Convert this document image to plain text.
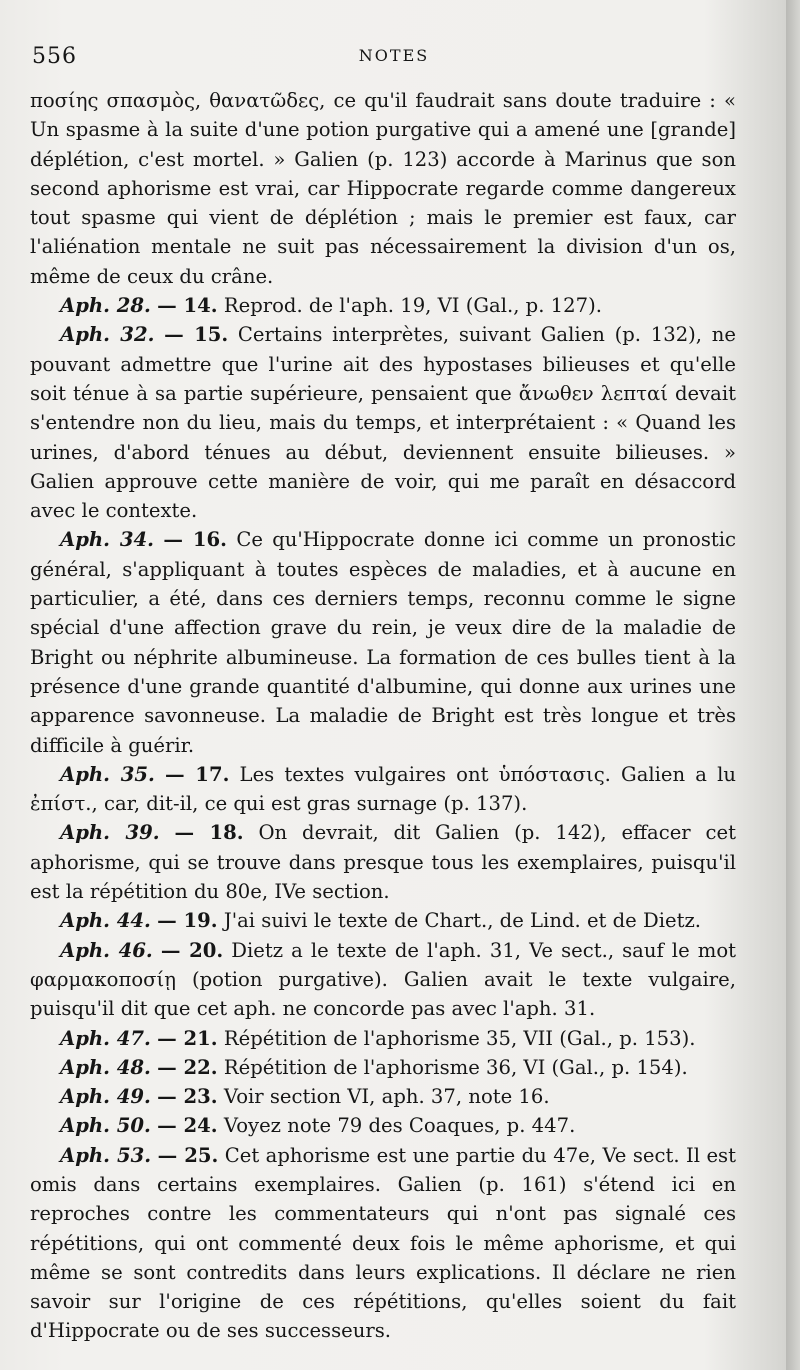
556	NOTES

ποσίης σπασμὸς, θανατῶδες, ce qu'il faudrait sans doute traduire : « Un spasme à la suite d'une potion purgative qui a amené une [grande] déplétion, c'est mortel. » Galien (p. 123) accorde à Marinus que son second aphorisme est vrai, car Hippocrate regarde comme dangereux tout spasme qui vient de déplétion ; mais le premier est faux, car l'aliénation mentale ne suit pas nécessairement la division d'un os, même de ceux du crâne.

Aph. 28. — 14. Reprod. de l'aph. 19, VI (Gal., p. 127).

Aph. 32. — 15. Certains interprètes, suivant Galien (p. 132), ne pouvant admettre que l'urine ait des hypostases bilieuses et qu'elle soit ténue à sa partie supérieure, pensaient que ἄνωθεν λεπταί devait s'entendre non du lieu, mais du temps, et interprétaient : « Quand les urines, d'abord ténues au début, deviennent ensuite bilieuses. » Galien approuve cette manière de voir, qui me paraît en désaccord avec le contexte.

Aph. 34. — 16. Ce qu'Hippocrate donne ici comme un pronostic général, s'appliquant à toutes espèces de maladies, et à aucune en particulier, a été, dans ces derniers temps, reconnu comme le signe spécial d'une affection grave du rein, je veux dire de la maladie de Bright ou néphrite albumineuse. La formation de ces bulles tient à la présence d'une grande quantité d'albumine, qui donne aux urines une apparence savonneuse. La maladie de Bright est très longue et très difficile à guérir.

Aph. 35. — 17. Les textes vulgaires ont ὑπόστασις. Galien a lu ἐπίστ., car, dit-il, ce qui est gras surnage (p. 137).

Aph. 39. — 18. On devrait, dit Galien (p. 142), effacer cet aphorisme, qui se trouve dans presque tous les exemplaires, puisqu'il est la répétition du 80e, IVe section.

Aph. 44. — 19. J'ai suivi le texte de Chart., de Lind. et de Dietz.

Aph. 46. — 20. Dietz a le texte de l'aph. 31, Ve sect., sauf le mot φαρμακοποσίῃ (potion purgative). Galien avait le texte vulgaire, puisqu'il dit que cet aph. ne concorde pas avec l'aph. 31.

Aph. 47. — 21. Répétition de l'aphorisme 35, VII (Gal., p. 153).

Aph. 48. — 22. Répétition de l'aphorisme 36, VI (Gal., p. 154).

Aph. 49. — 23. Voir section VI, aph. 37, note 16.

Aph. 50. — 24. Voyez note 79 des Coaques, p. 447.

Aph. 53. — 25. Cet aphorisme est une partie du 47e, Ve sect. Il est omis dans certains exemplaires. Galien (p. 161) s'étend ici en reproches contre les commentateurs qui n'ont pas signalé ces répétitions, qui ont commenté deux fois le même aphorisme, et qui même se sont contredits dans leurs explications. Il déclare ne rien savoir sur l'origine de ces répétitions, qu'elles soient du fait d'Hippocrate ou de ses successeurs.
